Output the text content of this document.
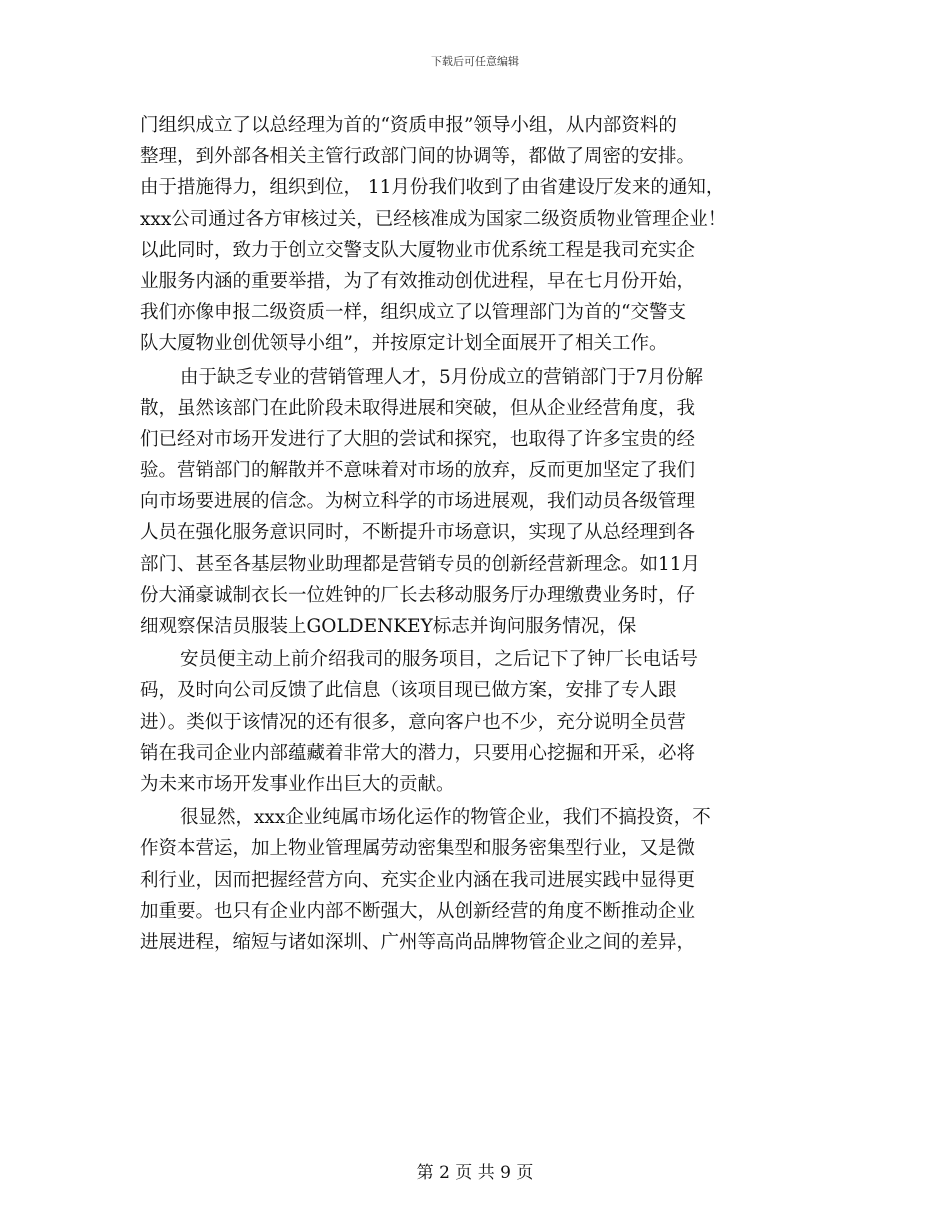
下载后可任意编辑
门组织成立了以总经理为首的“资质申报”领导小组，从内部资料的
整理，到外部各相关主管行政部门间的协调等，都做了周密的安排。
由于措施得力，组织到位， 11月份我们收到了由省建设厅发来的通知，
xxx公司通过各方审核过关，已经核准成为国家二级资质物业管理企业！
以此同时，致力于创立交警支队大厦物业市优系统工程是我司充实企
业服务内涵的重要举措，为了有效推动创优进程，早在七月份开始，
我们亦像申报二级资质一样，组织成立了以管理部门为首的“交警支
队大厦物业创优领导小组”，并按原定计划全面展开了相关工作。
由于缺乏专业的营销管理人才，5月份成立的营销部门于7月份解
散，虽然该部门在此阶段未取得进展和突破，但从企业经营角度，我
们已经对市场开发进行了大胆的尝试和探究，也取得了许多宝贵的经
验。营销部门的解散并不意味着对市场的放弃，反而更加坚定了我们
向市场要进展的信念。为树立科学的市场进展观，我们动员各级管理
人员在强化服务意识同时，不断提升市场意识，实现了从总经理到各
部门、甚至各基层物业助理都是营销专员的创新经营新理念。如11月
份大涌豪诚制衣长一位姓钟的厂长去移动服务厅办理缴费业务时，仔
细观察保洁员服装上GOLDENKEY标志并询问服务情况，保
安员便主动上前介绍我司的服务项目，之后记下了钟厂长电话号
码，及时向公司反馈了此信息（该项目现已做方案，安排了专人跟
进）。类似于该情况的还有很多，意向客户也不少，充分说明全员营
销在我司企业内部蕴藏着非常大的潜力，只要用心挖掘和开采，必将
为未来市场开发事业作出巨大的贡献。
很显然，xxx企业纯属市场化运作的物管企业，我们不搞投资，不
作资本营运，加上物业管理属劳动密集型和服务密集型行业，又是微
利行业，因而把握经营方向、充实企业内涵在我司进展实践中显得更
加重要。也只有企业内部不断强大，从创新经营的角度不断推动企业
进展进程，缩短与诸如深圳、广州等高尚品牌物管企业之间的差异，
第 2 页 共 9 页
